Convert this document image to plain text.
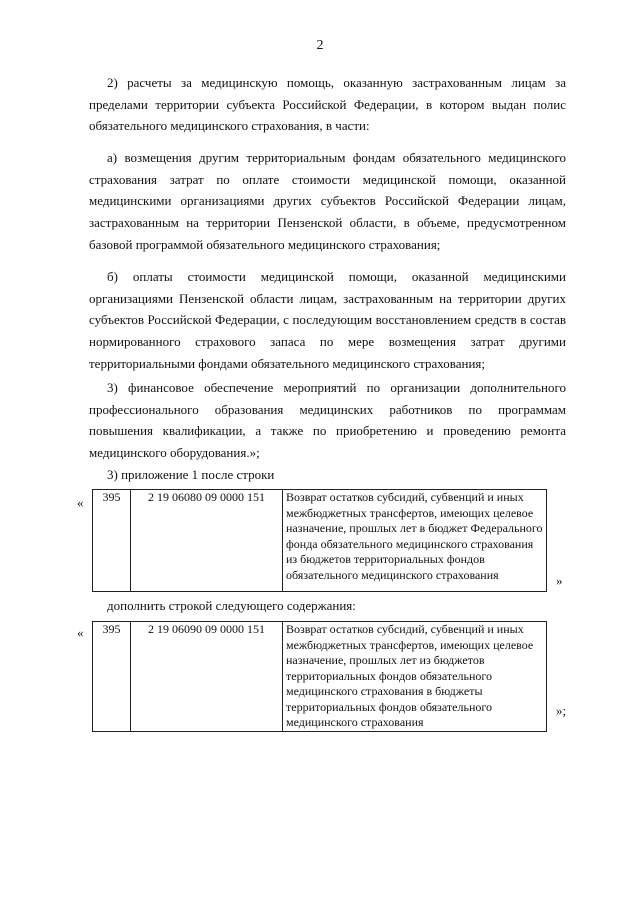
2

2) расчеты за медицинскую помощь, оказанную застрахованным лицам за пределами территории субъекта Российской Федерации, в котором выдан полис обязательного медицинского страхования, в части:

а) возмещения другим территориальным фондам обязательного медицинского страхования затрат по оплате стоимости медицинской помощи, оказанной медицинскими организациями других субъектов Российской Федерации лицам, застрахованным на территории Пензенской области, в объеме, предусмотренном базовой программой обязательного медицинского страхования;

б) оплаты стоимости медицинской помощи, оказанной медицинскими организациями Пензенской области лицам, застрахованным на территории других субъектов Российской Федерации, с последующим восстановлением средств в состав нормированного страхового запаса по мере возмещения затрат другими территориальными фондами обязательного медицинского страхования;

3) финансовое обеспечение мероприятий по организации дополнительного профессионального образования медицинских работников по программам повышения квалификации, а также по приобретению и проведению ремонта медицинского оборудования.»;

3) приложение 1 после строки

« 395	2 19 06080 09 0000 151	Возврат остатков субсидий, субвенций и иных межбюджетных трансфертов, имеющих целевое назначение, прошлых лет в бюджет Федерального фонда обязательного медицинского страхования из бюджетов территориальных фондов обязательного медицинского страхования	»

дополнить строкой следующего содержания:

« 395	2 19 06090 09 0000 151	Возврат остатков субсидий, субвенций и иных межбюджетных трансфертов, имеющих целевое назначение, прошлых лет из бюджетов территориальных фондов обязательного медицинского страхования в бюджеты территориальных фондов обязательного медицинского страхования
»;
